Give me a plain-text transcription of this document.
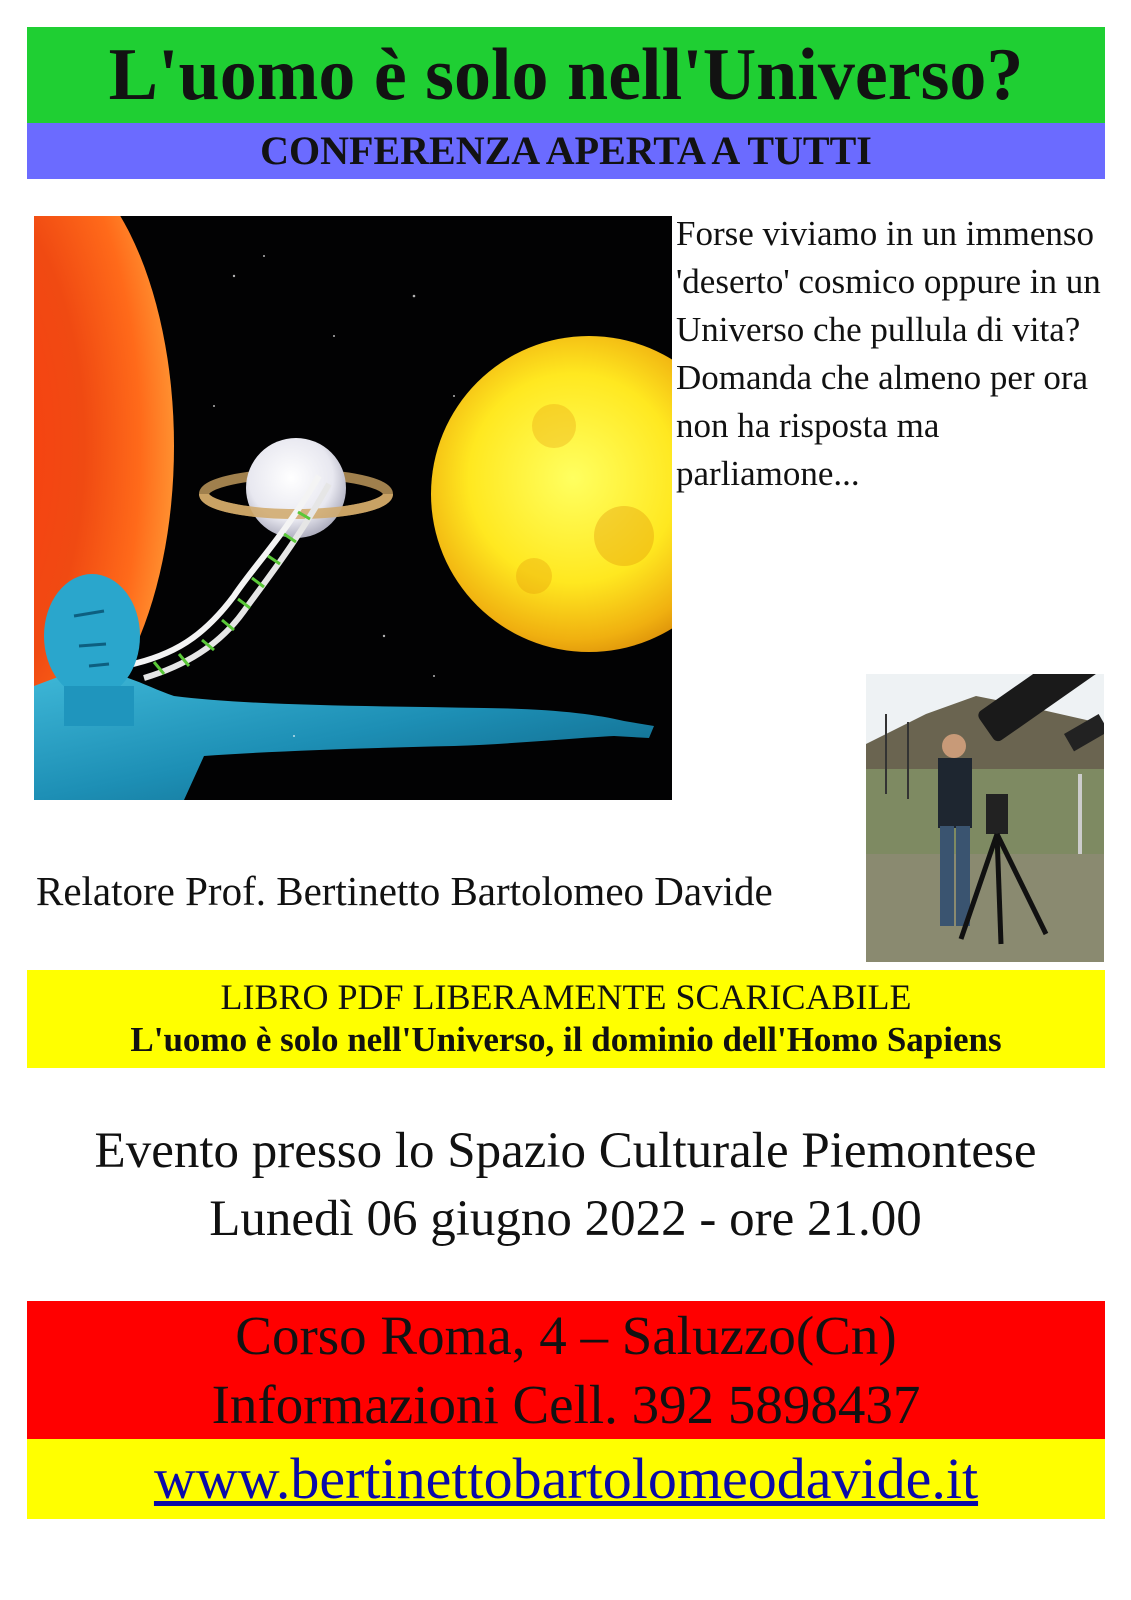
L'uomo è solo nell'Universo?
CONFERENZA APERTA A TUTTI

Forse viviamo in un immenso 'deserto' cosmico oppure in un Universo che pullula di vita?

Domanda che almeno per ora non ha risposta ma parliamone...

Relatore Prof. Bertinetto Bartolomeo Davide
LIBRO PDF LIBERAMENTE SCARICABILE
L'uomo è solo nell'Universo, il dominio dell'Homo Sapiens
Evento presso lo Spazio Culturale Piemontese
Lunedì 06 giugno 2022 - ore 21.00
Corso Roma, 4 – Saluzzo(Cn)
Informazioni Cell. 392 5898437
www.bertinettobartolomeodavide.it
